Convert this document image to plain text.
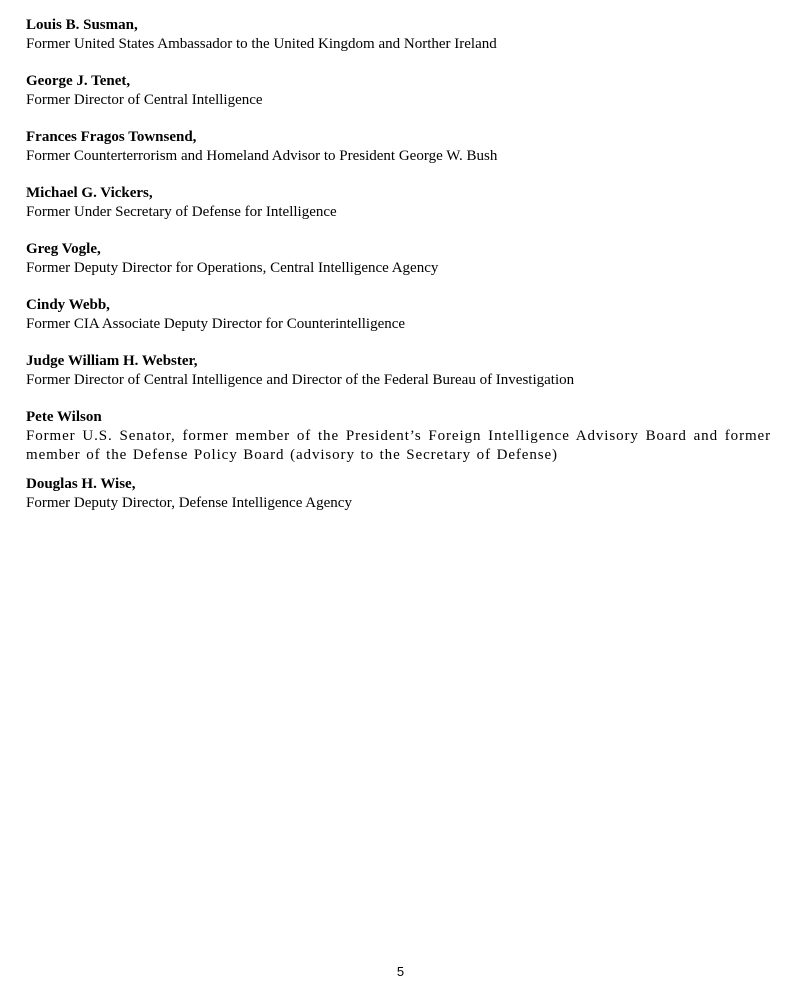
Louis B. Susman,
Former United States Ambassador to the United Kingdom and Norther Ireland
George J. Tenet,
Former Director of Central Intelligence
Frances Fragos Townsend,
Former Counterterrorism and Homeland Advisor to President George W. Bush
Michael G. Vickers,
Former Under Secretary of Defense for Intelligence
Greg Vogle,
Former Deputy Director for Operations, Central Intelligence Agency
Cindy Webb,
Former CIA Associate Deputy Director for Counterintelligence
Judge William H. Webster,
Former Director of Central Intelligence and Director of the Federal Bureau of Investigation
Pete Wilson
Former U.S. Senator, former member of the President’s Foreign Intelligence Advisory Board and former member of the Defense Policy Board (advisory to the Secretary of Defense)
Douglas H. Wise,
Former Deputy Director, Defense Intelligence Agency
5
